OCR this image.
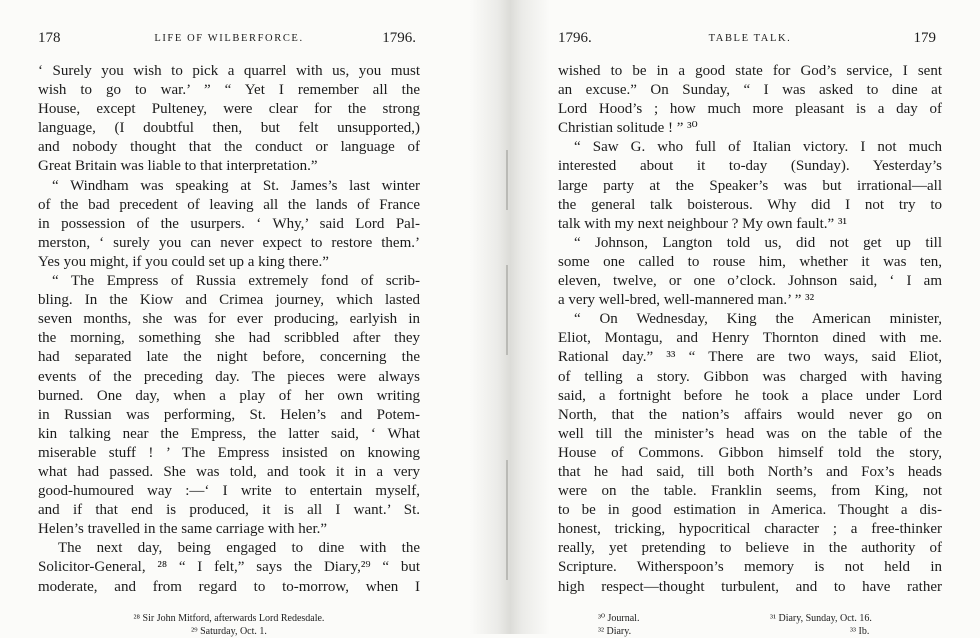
178	LIFE OF WILBERFORCE.	1796.
‘ Surely you wish to pick a quarrel with us, you must
wish to go to war.’ ” “ Yet I remember all the
House, except Pulteney, were clear for the strong
language, (I doubtful then, but felt unsupported,)
and nobody thought that the conduct or language of
Great Britain was liable to that interpretation.”
“ Windham was speaking at St. James’s last winter
of the bad precedent of leaving all the lands of France
in possession of the usurpers. ‘ Why,’ said Lord Pal-
merston, ‘ surely you can never expect to restore them.’
Yes you might, if you could set up a king there.”
“ The Empress of Russia extremely fond of scrib-
bling. In the Kiow and Crimea journey, which lasted
seven months, she was for ever producing, earlyish in
the morning, something she had scribbled after they
had separated late the night before, concerning the
events of the preceding day. The pieces were always
burned. One day, when a play of her own writing
in Russian was performing, St. Helen’s and Potem-
kin talking near the Empress, the latter said, ‘ What
miserable stuff ! ’ The Empress insisted on knowing
what had passed. She was told, and took it in a very
good-humoured way :—‘ I write to entertain myself,
and if that end is produced, it is all I want.’ St.
Helen’s travelled in the same carriage with her.”
The next day, being engaged to dine with the
Solicitor-General, ²⁸ “ I felt,” says the Diary,²⁹ “ but
moderate, and from regard to to-morrow, when I
²⁸ Sir John Mitford, afterwards Lord Redesdale.
²⁹ Saturday, Oct. 1.
1796.	TABLE TALK.	179
wished to be in a good state for God’s service, I sent
an excuse.” On Sunday, “ I was asked to dine at
Lord Hood’s ; how much more pleasant is a day of
Christian solitude ! ” ³⁰
“ Saw G. who full of Italian victory. I not much
interested about it to-day (Sunday). Yesterday’s
large party at the Speaker’s was but irrational—all
the general talk boisterous. Why did I not try to
talk with my next neighbour ? My own fault.” ³¹
“ Johnson, Langton told us, did not get up till
some one called to rouse him, whether it was ten,
eleven, twelve, or one o’clock. Johnson said, ‘ I am
a very well-bred, well-mannered man.’ ” ³²
“ On Wednesday, King the American minister,
Eliot, Montagu, and Henry Thornton dined with me.
Rational day.” ³³ “ There are two ways, said Eliot,
of telling a story. Gibbon was charged with having
said, a fortnight before he took a place under Lord
North, that the nation’s affairs would never go on
well till the minister’s head was on the table of the
House of Commons. Gibbon himself told the story,
that he had said, till both North’s and Fox’s heads
were on the table. Franklin seems, from King, not
to be in good estimation in America. Thought a dis-
honest, tricking, hypocritical character ; a free-thinker
really, yet pretending to believe in the authority of
Scripture. Witherspoon’s memory is not held in
high respect—thought turbulent, and to have rather
³⁰ Journal.
³² Diary.
³¹ Diary, Sunday, Oct. 16.
³³ Ib.
